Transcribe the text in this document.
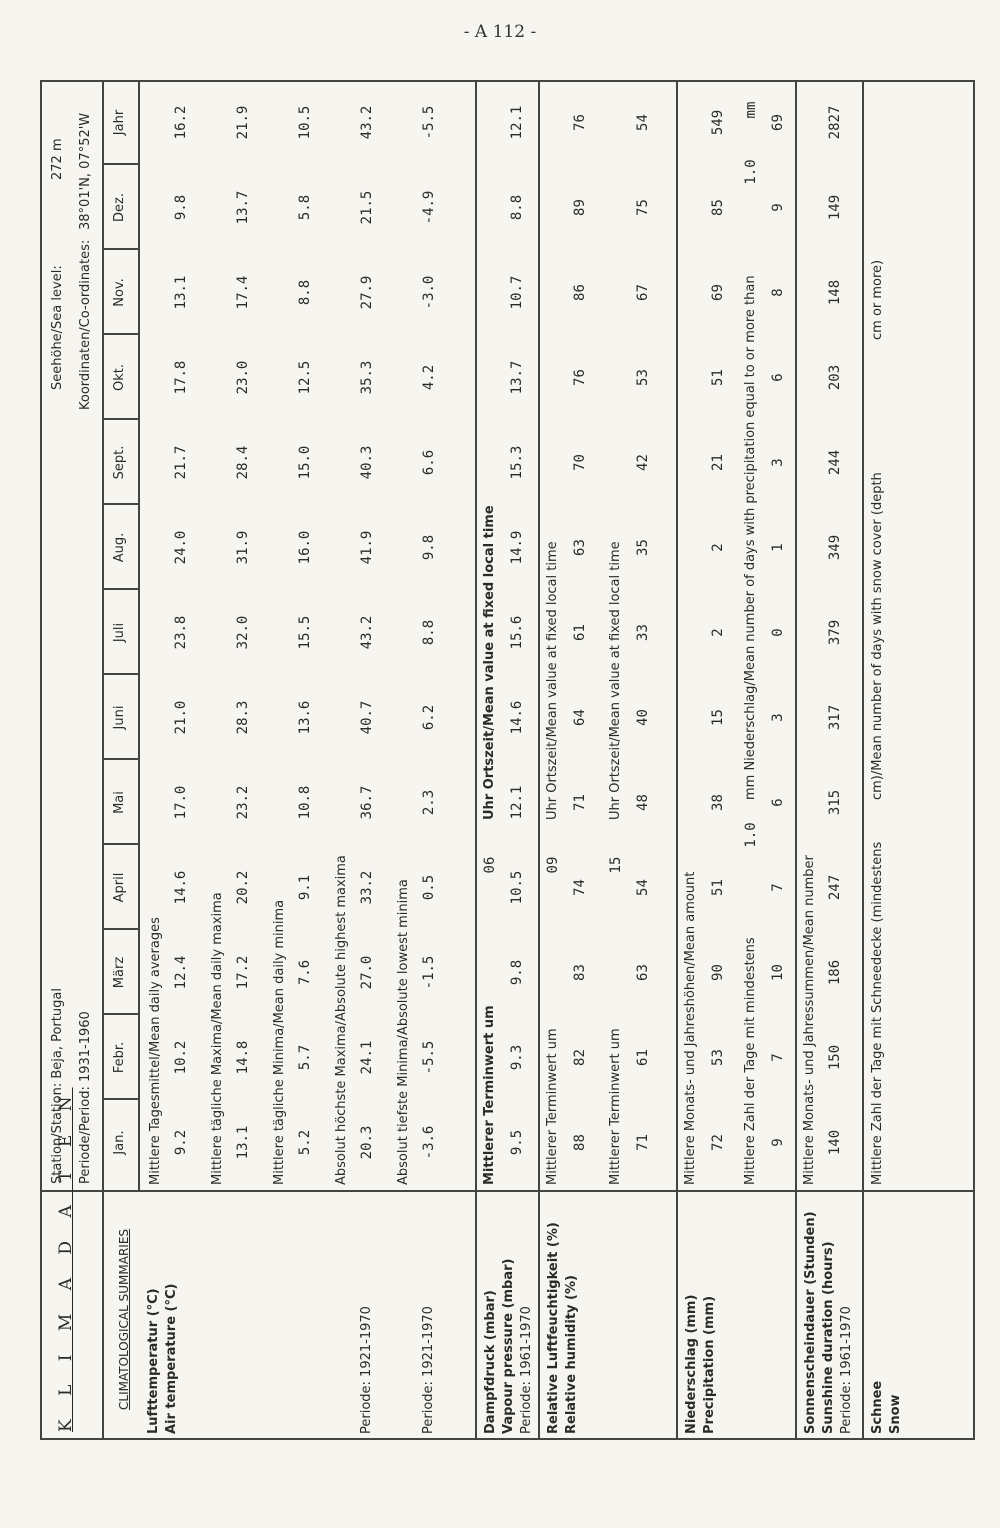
- A 112 -
K L I M A D A T E N	CLIMATOLOGICAL SUMMARIES
Station/Station: Beja, Portugal Periode/Period: 1931-1960
Seehöhe/Sea level:
272 m
Koordinaten/Co-ordinates:
38°01'N, 07°52'W
Jan.
Febr.
März
April
Mai
Juni
Juli
Aug.
Sept.
Okt.
Nov.
Dez.
Jahr
Lufttemperatur (°C) Air temperature (°C)
Mittlere Tagesmittel/Mean daily averages 9.2
10.2
12.4
14.6
17.0
21.0
23.8
24.0
21.7
17.8
13.1
9.8
16.2
Mittlere tägliche Maxima/Mean daily maxima 13.1
14.8
17.2
20.2
23.2
28.3
32.0
31.9
28.4
23.0
17.4
13.7
21.9
Mittlere tägliche Minima/Mean daily minima 5.2
5.7
7.6
9.1
10.8
13.6
15.5
16.0
15.0
12.5
8.8
5.8
10.5
Absolut höchste Maxima/Absolute highest maxima
Periode: 1921-1970
20.3
24.1
27.0
33.2
36.7
40.7
43.2
41.9
40.3
35.3
27.9
21.5
43.2
Absolut tiefste Minima/Absolute lowest minima
Periode: 1921-1970
-3.6
-5.5
-1.5
0.5
2.3
6.2
8.8
9.8
6.6
4.2
-3.0
-4.9
-5.5
Dampfdruck (mbar) Vapour pressure (mbar) Periode: 1961-1970
Mittlerer Terminwert um
06
Uhr Ortszeit/Mean value at fixed local time
9.5
9.3
9.8
10.5
12.1
14.6
15.6
14.9
15.3
13.7
10.7
8.8
12.1
Relative Luftfeuchtigkeit (%) Relative humidity (%)
Mittlerer Terminwert um
09
Uhr Ortszeit/Mean value at fixed local time
88
82
83
74
71
64
61
63
70
76
86
89
76
Mittlerer Terminwert um
15
Uhr Ortszeit/Mean value at fixed local time
71
61
63
54
48
40
33
35
42
53
67
75
54
Niederschlag (mm) Precipitation (mm)
Mittlere Monats- und Jahreshöhen/Mean amount 72
53
90
51
38
15
2
2
21
51
69
85
549
Mittlere Zahl der Tage mit mindestens
1.0
mm Niederschlag/Mean number of days with precipitation equal to or more than
1.0
mm
9
7
10
7
6
3
0
1
3
6
8
9
69
Sonnenscheindauer (Stunden) Sunshine duration (hours) Periode: 1961-1970
Mittlere Monats- und Jahressummen/Mean number 140
150
186
247
315
317
379
349
244
203
148
149
2827
Schnee Snow
Mittlere Zahl der Tage mit Schneedecke (mindestens
cm)/Mean number of days with snow cover (depth
cm or more)
